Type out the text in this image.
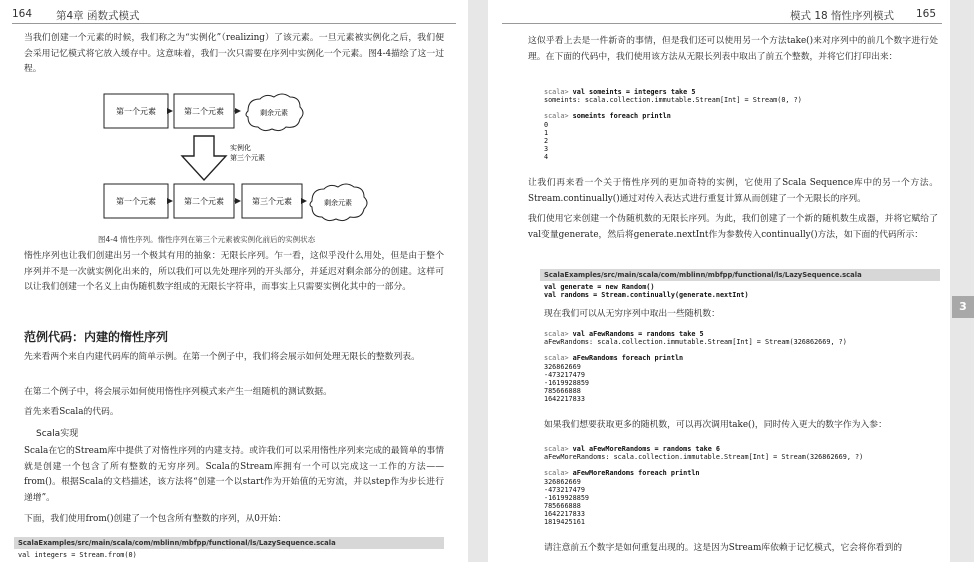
164 第4章 函数式模式
当我们创建一个元素的时候，我们称之为“实例化”（realizing）了该元素。一旦元素被实例化之后，我们便会采用记忆模式将它放入缓存中。这意味着，我们一次只需要在序列中实例化一个元素。图4-4描绘了这一过程。
第一个元素	第二个元素	剩余元素
实例化
第三个元素
第一个元素	第二个元素	第三个元素	剩余元素
图4-4 惰性序列。惰性序列在第三个元素被实例化前后的实例状态
惰性序列也让我们创建出另一个极其有用的抽象：无限长序列。乍一看，这似乎没什么用处，但是由于整个序列并不是一次就实例化出来的，所以我们可以先处理序列的开头部分，并延迟对剩余部分的创建。这样可以让我们创建一个名义上由伪随机数字组成的无限长字符串，而事实上只需要实例化其中的一部分。
范例代码：内建的惰性序列
先来看两个来自内建代码库的简单示例。在第一个例子中，我们将会展示如何处理无限长的整数列表。
在第二个例子中，将会展示如何使用惰性序列模式来产生一组随机的测试数据。
首先来看Scala的代码。
Scala实现
Scala在它的Stream库中提供了对惰性序列的内建支持。或许我们可以采用惰性序列来完成的最简单的事情就是创建一个包含了所有整数的无穷序列。Scala的Stream库拥有一个可以完成这一工作的方法——from()。根据Scala的文档描述，该方法将“创建一个以start作为开始值的无穷流，并以step作为步长进行递增”。
下面，我们使用from()创建了一个包含所有整数的序列，从0开始：
ScalaExamples/src/main/scala/com/mblinn/mbfpp/functional/ls/LazySequence.scala
val integers = Stream.from(0)
模式 18 惰性序列模式 165
这似乎看上去是一件新奇的事情，但是我们还可以使用另一个方法take()来对序列中的前几个数字进行处理。在下面的代码中，我们使用该方法从无限长列表中取出了前五个整数，并将它们打印出来：
scala> val someints = integers take 5
someints: scala.collection.immutable.Stream[Int] = Stream(0, ?)
scala> someints foreach println
0
1
2
3
4
让我们再来看一个关于惰性序列的更加奇特的实例，它使用了Scala Sequence库中的另一个方法。Stream.continually()通过对传入表达式进行重复计算从而创建了一个无限长的序列。
我们使用它来创建一个伪随机数的无限长序列。为此，我们创建了一个新的随机数生成器，并将它赋给了val变量generate，然后将generate.nextInt作为参数传入continually()方法，如下面的代码所示：
ScalaExamples/src/main/scala/com/mblinn/mbfpp/functional/ls/LazySequence.scala
val generate = new Random()
val randoms = Stream.continually(generate.nextInt)
现在我们可以从无穷序列中取出一些随机数：
scala> val aFewRandoms = randoms take 5
aFewRandoms: scala.collection.immutable.Stream[Int] = Stream(326862669, ?)
scala> aFewRandoms foreach println
326862669
-473217479
-1619928859
785666888
1642217833
如果我们想要获取更多的随机数，可以再次调用take()，同时传入更大的数字作为入参：
scala> val aFewMoreRandoms = randoms take 6
aFewMoreRandoms: scala.collection.immutable.Stream[Int] = Stream(326862669, ?)
scala> aFewMoreRandoms foreach println
326862669
-473217479
-1619928859
785666888
1642217833
1819425161
请注意前五个数字是如何重复出现的。这是因为Stream库依赖于记忆模式，它会将你看到的
3
